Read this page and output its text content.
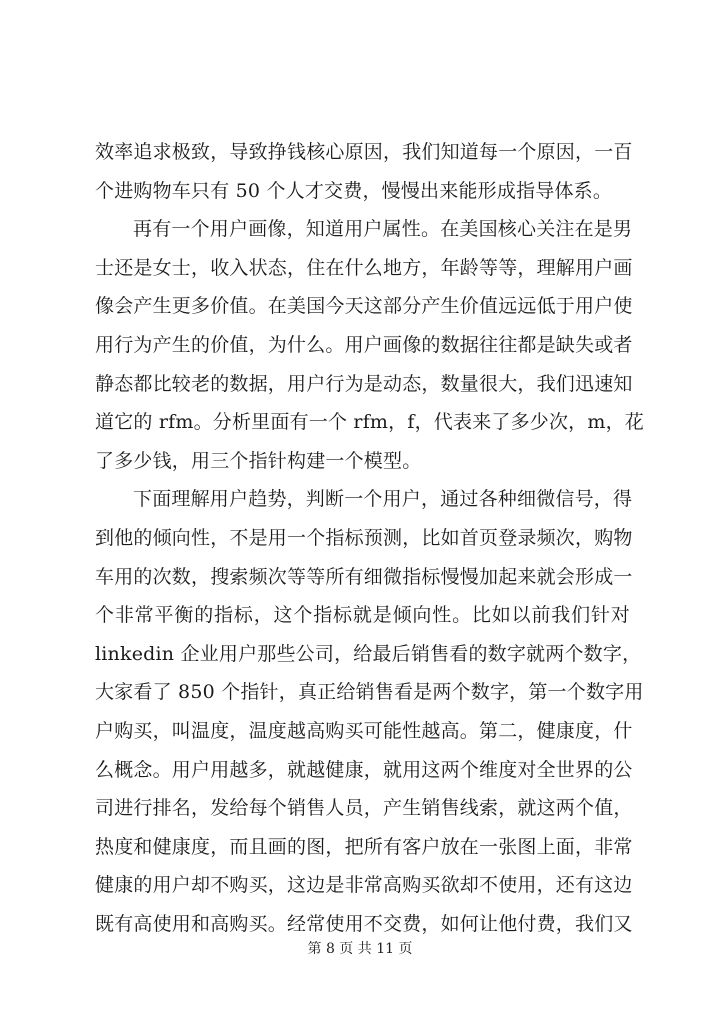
效率追求极致，导致挣钱核心原因，我们知道每一个原因，一百
个进购物车只有 50 个人才交费，慢慢出来能形成指导体系。
再有一个用户画像，知道用户属性。在美国核心关注在是男
士还是女士，收入状态，住在什么地方，年龄等等，理解用户画
像会产生更多价值。在美国今天这部分产生价值远远低于用户使
用行为产生的价值，为什么。用户画像的数据往往都是缺失或者
静态都比较老的数据，用户行为是动态，数量很大，我们迅速知
道它的 rfm。分析里面有一个 rfm，f，代表来了多少次，m，花
了多少钱，用三个指针构建一个模型。
下面理解用户趋势，判断一个用户，通过各种细微信号，得
到他的倾向性，不是用一个指标预测，比如首页登录频次，购物
车用的次数，搜索频次等等所有细微指标慢慢加起来就会形成一
个非常平衡的指标，这个指标就是倾向性。比如以前我们针对
linkedin 企业用户那些公司，给最后销售看的数字就两个数字，
大家看了 850 个指针，真正给销售看是两个数字，第一个数字用
户购买，叫温度，温度越高购买可能性越高。第二，健康度，什
么概念。用户用越多，就越健康，就用这两个维度对全世界的公
司进行排名，发给每个销售人员，产生销售线索，就这两个值，
热度和健康度，而且画的图，把所有客户放在一张图上面，非常
健康的用户却不购买，这边是非常高购买欲却不使用，还有这边
既有高使用和高购买。经常使用不交费，如何让他付费，我们又
第 8 页 共 11 页
